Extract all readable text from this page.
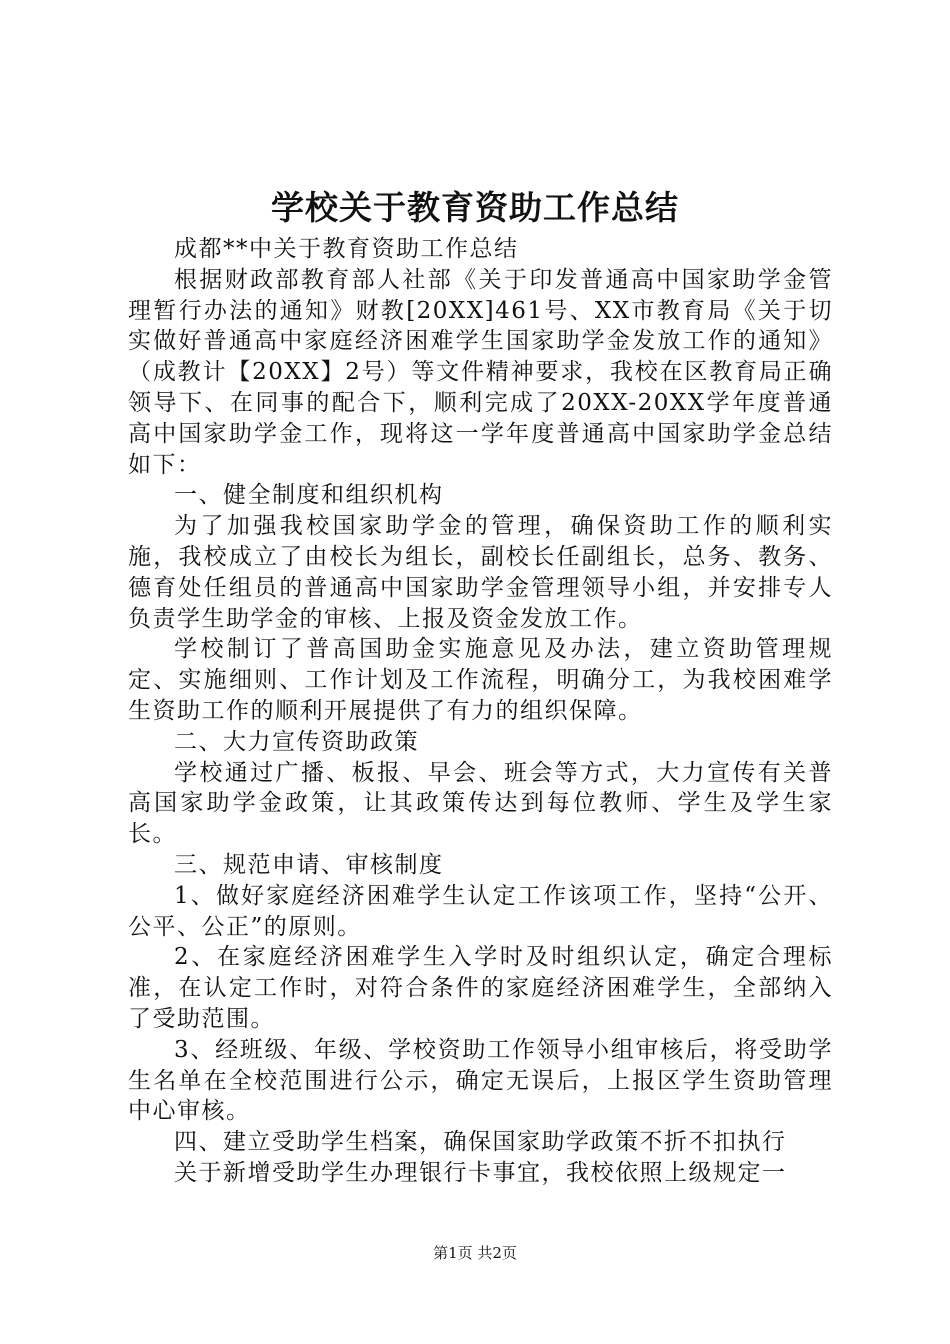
学校关于教育资助工作总结

成都**中关于教育资助工作总结

根据财政部教育部人社部《关于印发普通高中国家助学金管理暂行办法的通知》财教[20XX]461号、XX市教育局《关于切实做好普通高中家庭经济困难学生国家助学金发放工作的通知》（成教计【20XX】2号）等文件精神要求，我校在区教育局正确领导下、在同事的配合下，顺利完成了20XX-20XX学年度普通高中国家助学金工作，现将这一学年度普通高中国家助学金总结如下：

一、健全制度和组织机构

为了加强我校国家助学金的管理，确保资助工作的顺利实施，我校成立了由校长为组长，副校长任副组长，总务、教务、德育处任组员的普通高中国家助学金管理领导小组，并安排专人负责学生助学金的审核、上报及资金发放工作。

学校制订了普高国助金实施意见及办法，建立资助管理规定、实施细则、工作计划及工作流程，明确分工，为我校困难学生资助工作的顺利开展提供了有力的组织保障。

二、大力宣传资助政策

学校通过广播、板报、早会、班会等方式，大力宣传有关普高国家助学金政策，让其政策传达到每位教师、学生及学生家长。

三、规范申请、审核制度

1、做好家庭经济困难学生认定工作该项工作，坚持“公开、公平、公正”的原则。

2、在家庭经济困难学生入学时及时组织认定，确定合理标准，在认定工作时，对符合条件的家庭经济困难学生，全部纳入了受助范围。

3、经班级、年级、学校资助工作领导小组审核后，将受助学生名单在全校范围进行公示，确定无误后，上报区学生资助管理中心审核。

四、建立受助学生档案，确保国家助学政策不折不扣执行

关于新增受助学生办理银行卡事宜，我校依照上级规定一

第1页 共2页
